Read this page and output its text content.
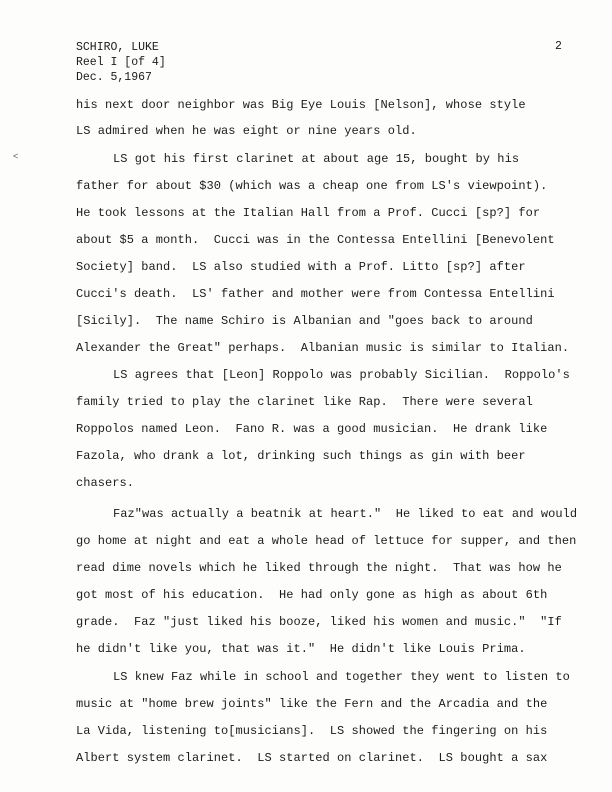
SCHIRO, LUKE
Reel I [of 4]
Dec. 5,1967
2
˂
his next door neighbor was Big Eye Louis [Nelson], whose style
LS admired when he was eight or nine years old.
LS got his first clarinet at about age 15, bought by his
father for about $30 (which was a cheap one from LS's viewpoint).
He took lessons at the Italian Hall from a Prof. Cucci [sp?] for
about $5 a month.  Cucci was in the Contessa Entellini [Benevolent
Society] band.  LS also studied with a Prof. Litto [sp?] after
Cucci's death.  LS' father and mother were from Contessa Entellini
[Sicily].  The name Schiro is Albanian and "goes back to around
Alexander the Great" perhaps.  Albanian music is similar to Italian.
LS agrees that [Leon] Roppolo was probably Sicilian.  Roppolo's
family tried to play the clarinet like Rap.  There were several
Roppolos named Leon.  Fano R. was a good musician.  He drank like
Fazola, who drank a lot, drinking such things as gin with beer
chasers.
Faz"was actually a beatnik at heart."  He liked to eat and would
go home at night and eat a whole head of lettuce for supper, and then
read dime novels which he liked through the night.  That was how he
got most of his education.  He had only gone as high as about 6th
grade.  Faz "just liked his booze, liked his women and music."  "If
he didn't like you, that was it."  He didn't like Louis Prima.
LS knew Faz while in school and together they went to listen to
music at "home brew joints" like the Fern and the Arcadia and the
La Vida, listening to[musicians].  LS showed the fingering on his
Albert system clarinet.  LS started on clarinet.  LS bought a sax
